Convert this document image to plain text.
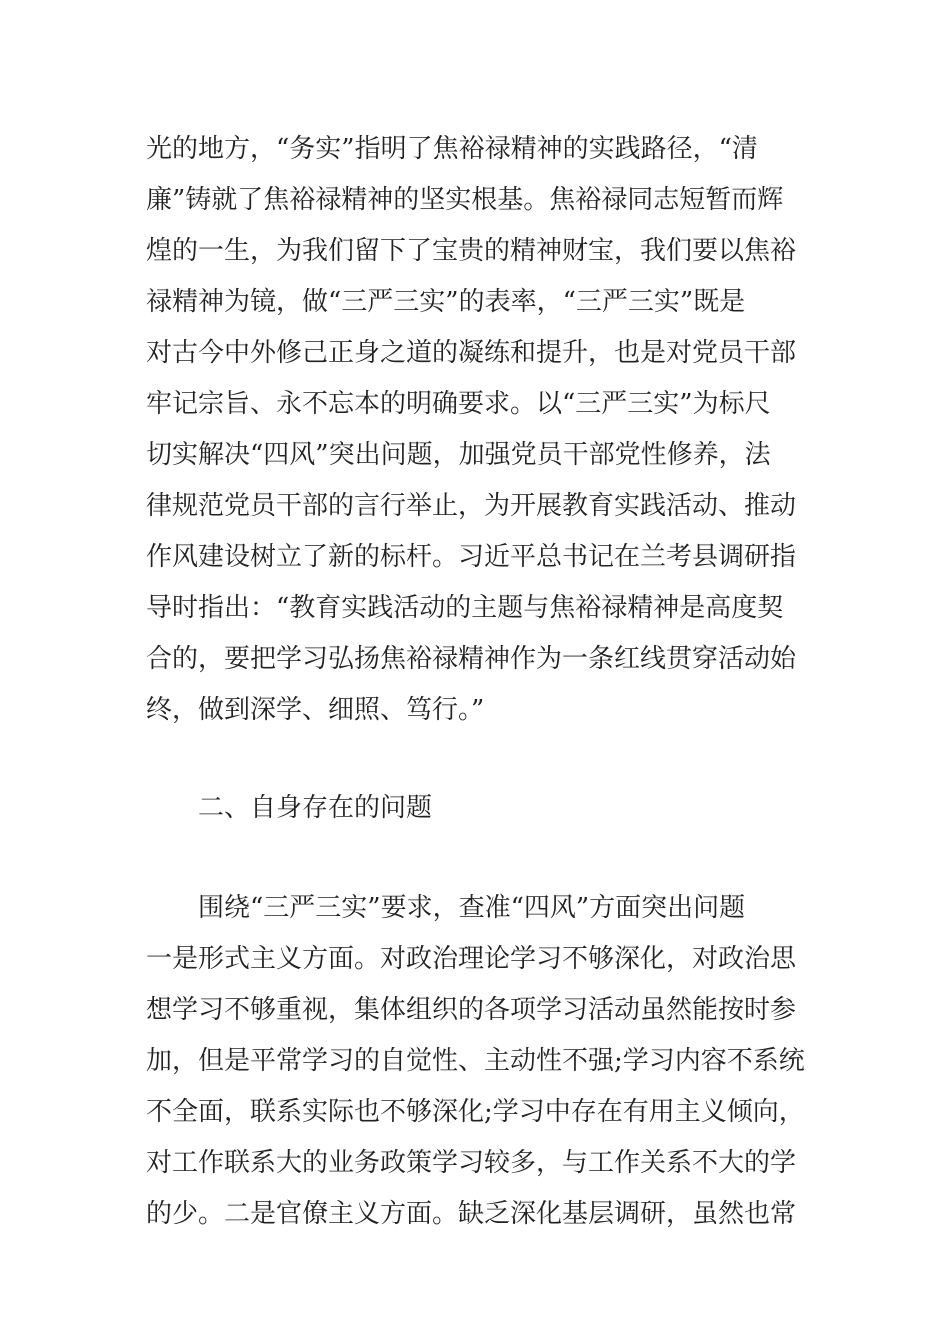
光的地方，“务实”指明了焦裕禄精神的实践路径，“清
廉”铸就了焦裕禄精神的坚实根基。焦裕禄同志短暂而辉
煌的一生，为我们留下了宝贵的精神财宝，我们要以焦裕
禄精神为镜，做“三严三实”的表率，“三严三实”既是
对古今中外修己正身之道的凝练和提升，也是对党员干部
牢记宗旨、永不忘本的明确要求。以“三严三实”为标尺
切实解决“四风”突出问题，加强党员干部党性修养，法
律规范党员干部的言行举止，为开展教育实践活动、推动
作风建设树立了新的标杆。习近平总书记在兰考县调研指
导时指出：“教育实践活动的主题与焦裕禄精神是高度契
合的，要把学习弘扬焦裕禄精神作为一条红线贯穿活动始
终，做到深学、细照、笃行。”
二、自身存在的问题
围绕“三严三实”要求，查准“四风”方面突出问题
一是形式主义方面。对政治理论学习不够深化，对政治思
想学习不够重视，集体组织的各项学习活动虽然能按时参
加，但是平常学习的自觉性、主动性不强;学习内容不系统
不全面，联系实际也不够深化;学习中存在有用主义倾向，
对工作联系大的业务政策学习较多，与工作关系不大的学
的少。二是官僚主义方面。缺乏深化基层调研，虽然也常
